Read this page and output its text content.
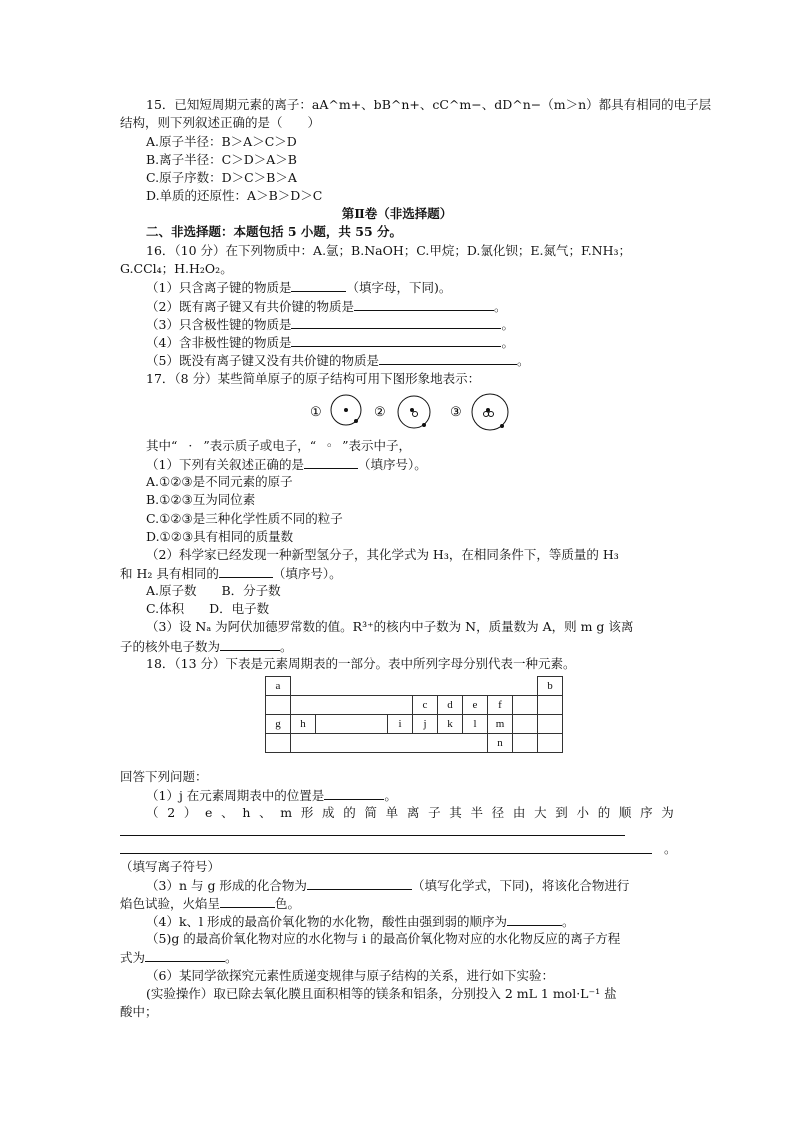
15．已知短周期元素的离子：aA^m+、bB^n+、cC^m−、dD^n−（m＞n）都具有相同的电子层
结构，则下列叙述正确的是（　　）
A.原子半径：B＞A＞C＞D
B.离子半径：C＞D＞A＞B
C.原子序数：D＞C＞B＞A
D.单质的还原性：A＞B＞D＞C
第Ⅱ卷（非选择题）
二、非选择题：本题包括 5 小题，共 55 分。
16．（10 分）在下列物质中：A.氩；B.NaOH；C.甲烷；D.氯化钡；E.氮气；F.NH₃；
G.CCl₄；H.H₂O₂。
（1）只含离子键的物质是	（填字母，下同)。
（2）既有离子键又有共价键的物质是	。
（3）只含极性键的物质是	。
（4）含非极性键的物质是	。
（5）既没有离子键又没有共价键的物质是	。
17．（8 分）某些简单原子的原子结构可用下图形象地表示：
①	②	③
其中“ · ”表示质子或电子，“ ◦ ”表示中子，
（1）下列有关叙述正确的是	（填序号）。
A.①②③是不同元素的原子
B.①②③互为同位素
C.①②③是三种化学性质不同的粒子
D.①②③具有相同的质量数
（2）科学家已经发现一种新型氢分子，其化学式为 H₃，在相同条件下，等质量的 H₃
和 H₂ 具有相同的	（填序号）。
A.原子数　　B．分子数
C.体积　　D．电子数
（3）设 Nₐ 为阿伏加德罗常数的值。R³⁺的核内中子数为 N，质量数为 A，则 m g 该离
子的核外电子数为	。
18．（13 分）下表是元素周期表的一部分。表中所列字母分别代表一种元素。
a											b
						c	d	e	f		
g	h				i	j	k	l	m		
									n		
回答下列问题：
（1）j 在元素周期表中的位置是	。
（ 2 ） e 、 h 、 m 形 成 的 简 单 离 子 其 半 径 由 大 到 小 的 顺 序 为
。
（填写离子符号）
（3）n 与 g 形成的化合物为	（填写化学式，下同)，将该化合物进行
焰色试验，火焰呈	色。
（4）k、l 形成的最高价氧化物的水化物，酸性由强到弱的顺序为	。
（5)g 的最高价氧化物对应的水化物与 i 的最高价氧化物对应的水化物反应的离子方程
式为	。
（6）某同学欲探究元素性质递变规律与原子结构的关系，进行如下实验：
(实验操作）取已除去氧化膜且面积相等的镁条和铝条，分别投入 2 mL 1 mol·L⁻¹ 盐
酸中；
